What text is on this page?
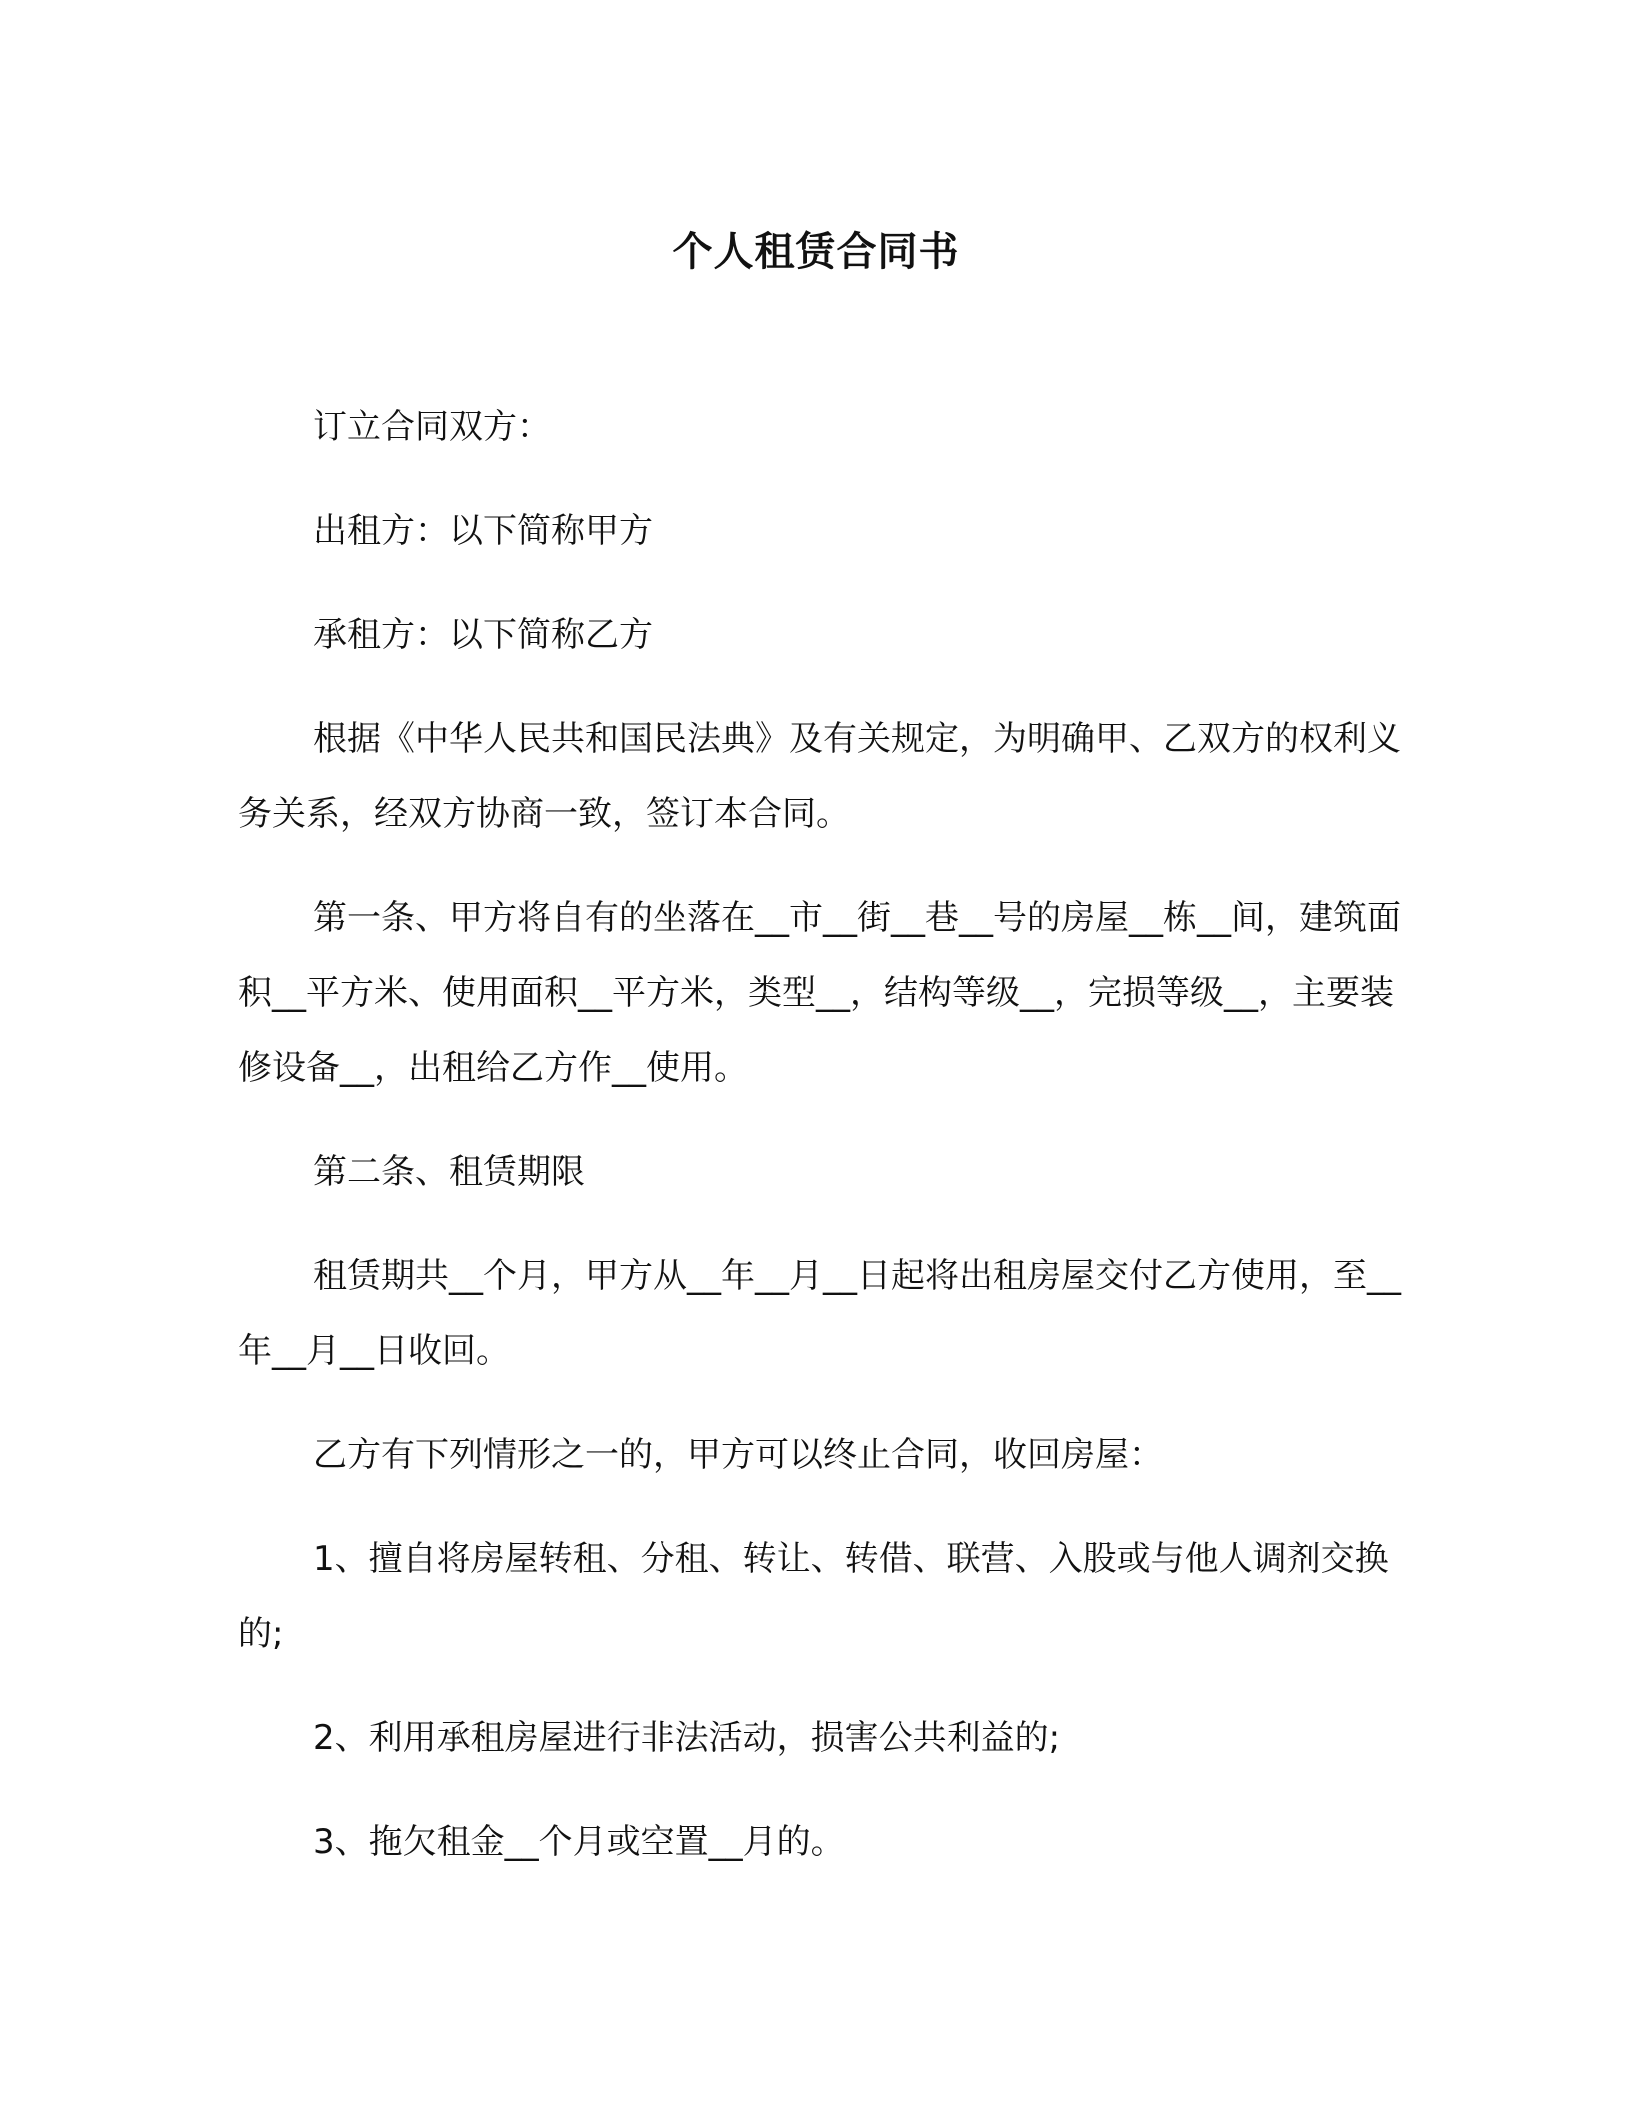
个人租赁合同书

订立合同双方：

出租方：以下简称甲方

承租方：以下简称乙方

根据《中华人民共和国民法典》及有关规定，为明确甲、乙双方的权利义务关系，经双方协商一致，签订本合同。

第一条、甲方将自有的坐落在__市__街__巷__号的房屋__栋__间，建筑面积__平方米、使用面积__平方米，类型__，结构等级__，完损等级__，主要装修设备__，出租给乙方作__使用。

第二条、租赁期限

租赁期共__个月，甲方从__年__月__日起将出租房屋交付乙方使用，至__年__月__日收回。

乙方有下列情形之一的，甲方可以终止合同，收回房屋：

1、擅自将房屋转租、分租、转让、转借、联营、入股或与他人调剂交换的;

2、利用承租房屋进行非法活动，损害公共利益的;

3、拖欠租金__个月或空置__月的。
